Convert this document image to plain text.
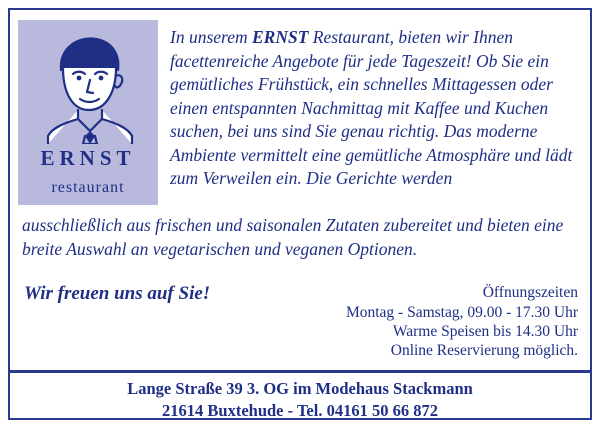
ERNST
restaurant
In unserem ERNST Restaurant, bieten wir Ihnen facettenreiche Angebote für jede Tageszeit! Ob Sie ein gemütliches Frühstück, ein schnelles Mittagessen oder einen entspannten Nachmittag mit Kaffee und Kuchen suchen, bei uns sind Sie genau richtig. Das moderne Ambiente vermittelt eine gemütliche Atmosphäre und lädt zum Verweilen ein. Die Gerichte werden
ausschließlich aus frischen und saisonalen Zutaten zubereitet und bieten eine breite Auswahl an vegetarischen und veganen Optionen.
Wir freuen uns auf Sie!	Öffnungszeiten
Montag - Samstag, 09.00 - 17.30 Uhr
Warme Speisen bis 14.30 Uhr
Online Reservierung möglich.
Lange Straße 39 3. OG im Modehaus Stackmann
21614 Buxtehude - Tel. 04161 50 66 872
